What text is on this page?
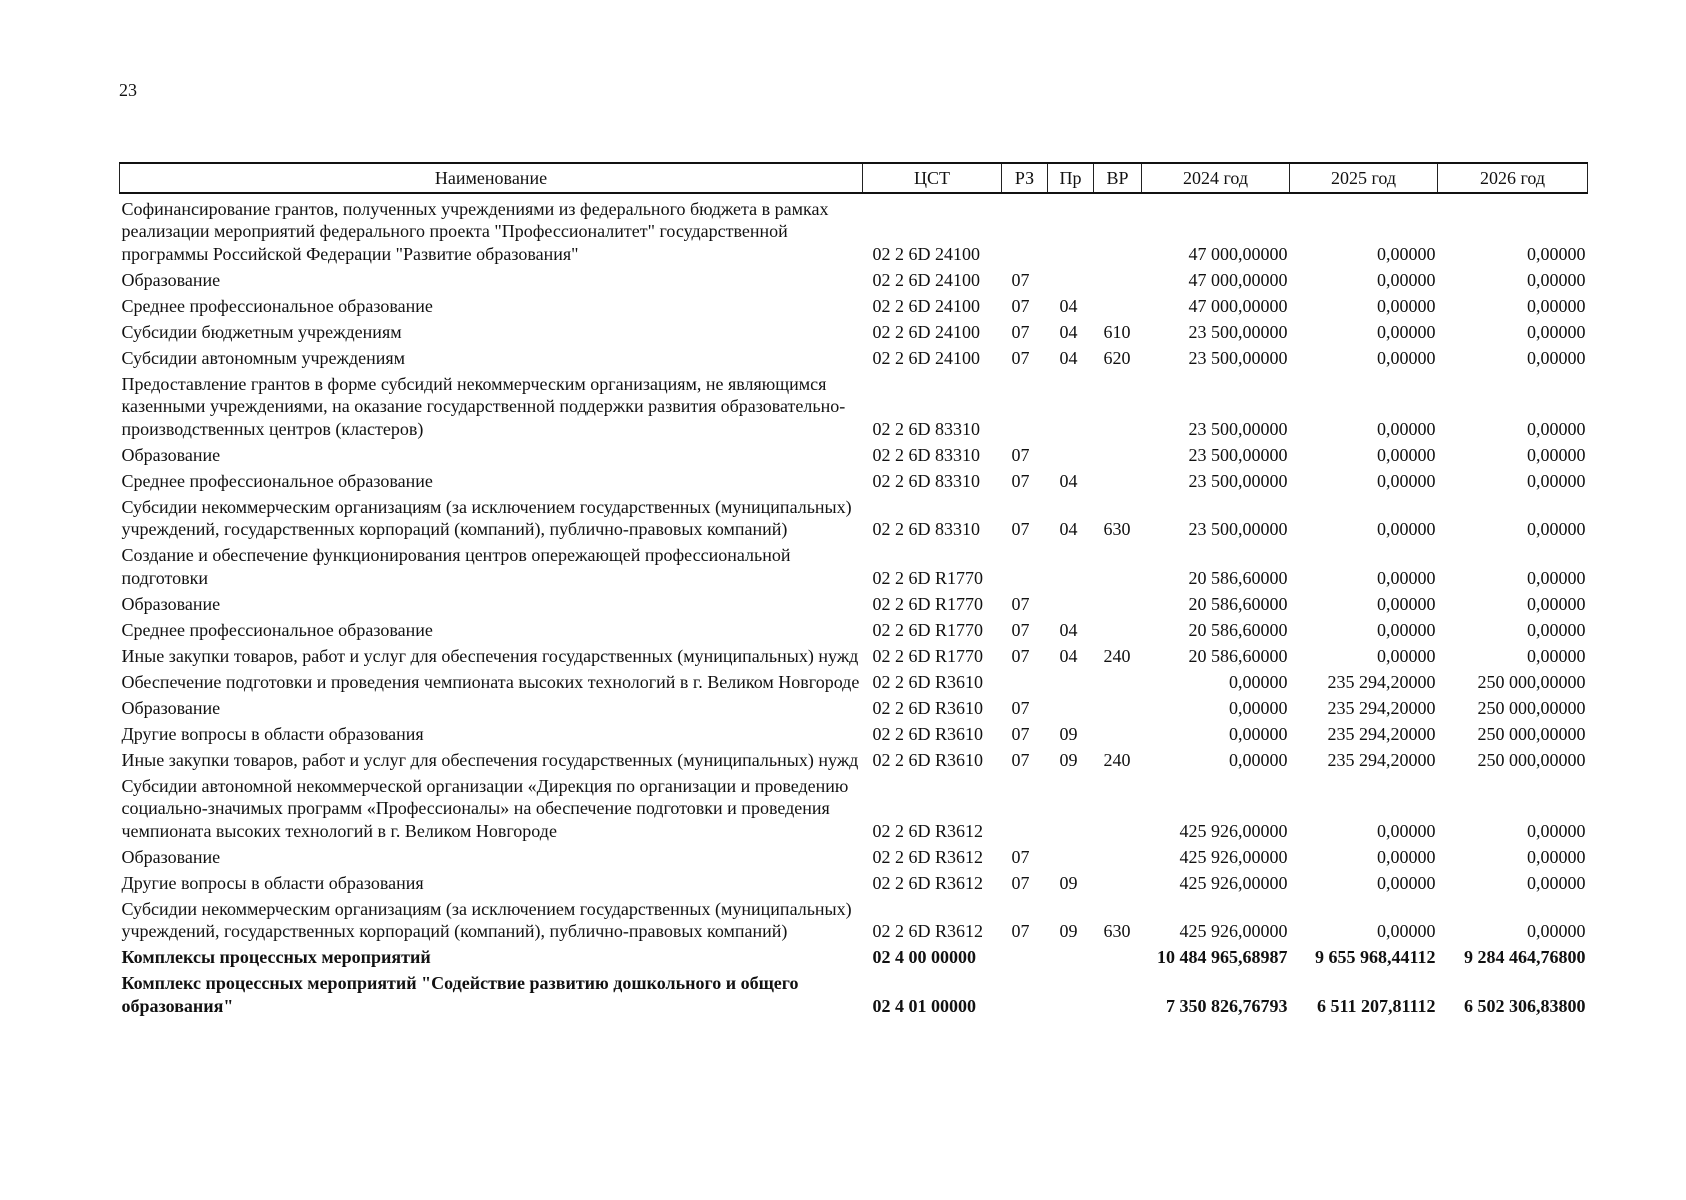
23
Наименование	ЦСТ	РЗ	Пр	ВР	2024 год	2025 год	2026 год
Софинансирование грантов, полученных учреждениями из федерального бюджета в рамках реализации мероприятий федерального проекта "Профессионалитет" государственной программы Российской Федерации "Развитие образования"	02 2 6D 24100				47 000,00000	0,00000	0,00000
Образование	02 2 6D 24100	07			47 000,00000	0,00000	0,00000
Среднее профессиональное образование	02 2 6D 24100	07	04		47 000,00000	0,00000	0,00000
Субсидии бюджетным учреждениям	02 2 6D 24100	07	04	610	23 500,00000	0,00000	0,00000
Субсидии автономным учреждениям	02 2 6D 24100	07	04	620	23 500,00000	0,00000	0,00000
Предоставление грантов в форме субсидий некоммерческим организациям, не являющимся казенными учреждениями, на оказание государственной поддержки развития образовательно-производственных центров (кластеров)	02 2 6D 83310				23 500,00000	0,00000	0,00000
Образование	02 2 6D 83310	07			23 500,00000	0,00000	0,00000
Среднее профессиональное образование	02 2 6D 83310	07	04		23 500,00000	0,00000	0,00000
Субсидии некоммерческим организациям (за исключением государственных (муниципальных) учреждений, государственных корпораций (компаний), публично-правовых компаний)	02 2 6D 83310	07	04	630	23 500,00000	0,00000	0,00000
Создание и обеспечение функционирования центров опережающей профессиональной подготовки	02 2 6D R1770				20 586,60000	0,00000	0,00000
Образование	02 2 6D R1770	07			20 586,60000	0,00000	0,00000
Среднее профессиональное образование	02 2 6D R1770	07	04		20 586,60000	0,00000	0,00000
Иные закупки товаров, работ и услуг для обеспечения государственных (муниципальных) нужд	02 2 6D R1770	07	04	240	20 586,60000	0,00000	0,00000
Обеспечение подготовки и проведения чемпионата высоких технологий в г. Великом Новгороде	02 2 6D R3610				0,00000	235 294,20000	250 000,00000
Образование	02 2 6D R3610	07			0,00000	235 294,20000	250 000,00000
Другие вопросы в области образования	02 2 6D R3610	07	09		0,00000	235 294,20000	250 000,00000
Иные закупки товаров, работ и услуг для обеспечения государственных (муниципальных) нужд	02 2 6D R3610	07	09	240	0,00000	235 294,20000	250 000,00000
Субсидии автономной некоммерческой организации «Дирекция по организации и проведению социально-значимых программ «Профессионалы» на обеспечение подготовки и проведения чемпионата высоких технологий в г. Великом Новгороде	02 2 6D R3612				425 926,00000	0,00000	0,00000
Образование	02 2 6D R3612	07			425 926,00000	0,00000	0,00000
Другие вопросы в области образования	02 2 6D R3612	07	09		425 926,00000	0,00000	0,00000
Субсидии некоммерческим организациям (за исключением государственных (муниципальных) учреждений, государственных корпораций (компаний), публично-правовых компаний)	02 2 6D R3612	07	09	630	425 926,00000	0,00000	0,00000
Комплексы процессных мероприятий	02 4 00 00000				10 484 965,68987	9 655 968,44112	9 284 464,76800
Комплекс процессных мероприятий "Содействие развитию дошкольного и общего образования"	02 4 01 00000				7 350 826,76793	6 511 207,81112	6 502 306,83800
